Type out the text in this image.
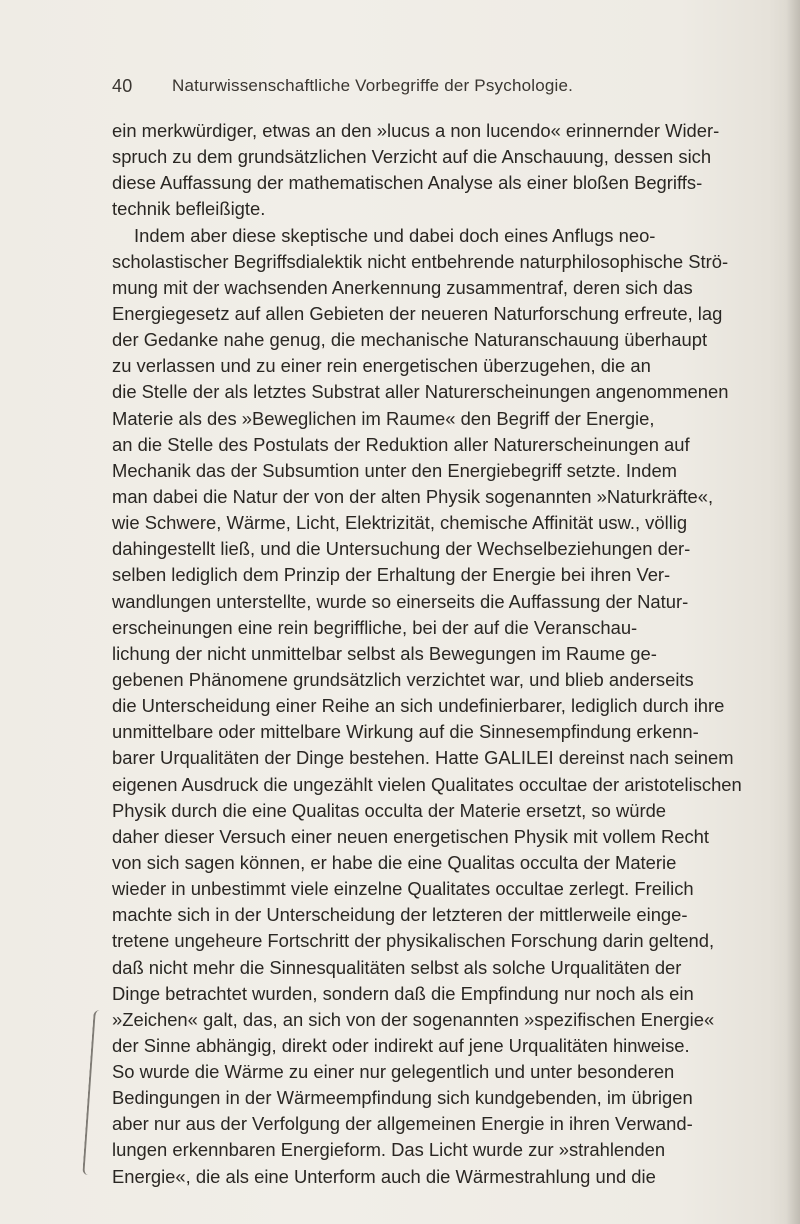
40 Naturwissenschaftliche Vorbegriffe der Psychologie.
ein merkwürdiger, etwas an den »lucus a non lucendo« erinnernder Wider-
spruch zu dem grundsätzlichen Verzicht auf die Anschauung, dessen sich
diese Auffassung der mathematischen Analyse als einer bloßen Begriffs-
technik befleißigte.
Indem aber diese skeptische und dabei doch eines Anflugs neo-
scholastischer Begriffsdialektik nicht entbehrende naturphilosophische Strö-
mung mit der wachsenden Anerkennung zusammentraf, deren sich das
Energiegesetz auf allen Gebieten der neueren Naturforschung erfreute, lag
der Gedanke nahe genug, die mechanische Naturanschauung überhaupt
zu verlassen und zu einer rein energetischen überzugehen, die an
die Stelle der als letztes Substrat aller Naturerscheinungen angenommenen
Materie als des »Beweglichen im Raume« den Begriff der Energie,
an die Stelle des Postulats der Reduktion aller Naturerscheinungen auf
Mechanik das der Subsumtion unter den Energiebegriff setzte. Indem
man dabei die Natur der von der alten Physik sogenannten »Naturkräfte«,
wie Schwere, Wärme, Licht, Elektrizität, chemische Affinität usw., völlig
dahingestellt ließ, und die Untersuchung der Wechselbeziehungen der-
selben lediglich dem Prinzip der Erhaltung der Energie bei ihren Ver-
wandlungen unterstellte, wurde so einerseits die Auffassung der Natur-
erscheinungen eine rein begriffliche, bei der auf die Veranschau-
lichung der nicht unmittelbar selbst als Bewegungen im Raume ge-
gebenen Phänomene grundsätzlich verzichtet war, und blieb anderseits
die Unterscheidung einer Reihe an sich undefinierbarer, lediglich durch ihre
unmittelbare oder mittelbare Wirkung auf die Sinnesempfindung erkenn-
barer Urqualitäten der Dinge bestehen. Hatte GALILEI dereinst nach seinem
eigenen Ausdruck die ungezählt vielen Qualitates occultae der aristotelischen
Physik durch die eine Qualitas occulta der Materie ersetzt, so würde
daher dieser Versuch einer neuen energetischen Physik mit vollem Recht
von sich sagen können, er habe die eine Qualitas occulta der Materie
wieder in unbestimmt viele einzelne Qualitates occultae zerlegt. Freilich
machte sich in der Unterscheidung der letzteren der mittlerweile einge-
tretene ungeheure Fortschritt der physikalischen Forschung darin geltend,
daß nicht mehr die Sinnesqualitäten selbst als solche Urqualitäten der
Dinge betrachtet wurden, sondern daß die Empfindung nur noch als ein
»Zeichen« galt, das, an sich von der sogenannten »spezifischen Energie«
der Sinne abhängig, direkt oder indirekt auf jene Urqualitäten hinweise.
So wurde die Wärme zu einer nur gelegentlich und unter besonderen
Bedingungen in der Wärmeempfindung sich kundgebenden, im übrigen
aber nur aus der Verfolgung der allgemeinen Energie in ihren Verwand-
lungen erkennbaren Energieform. Das Licht wurde zur »strahlenden
Energie«, die als eine Unterform auch die Wärmestrahlung und die
